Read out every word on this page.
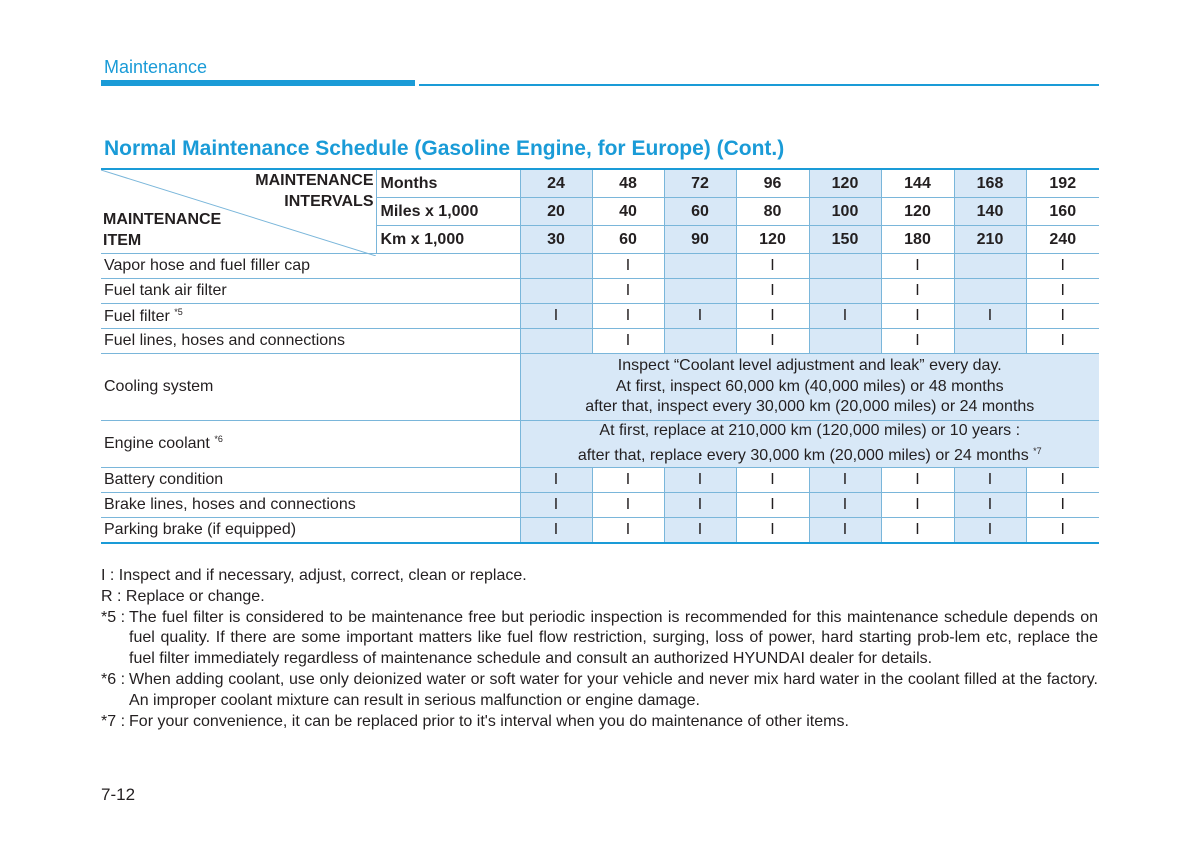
Maintenance
Normal Maintenance Schedule (Gasoline Engine, for Europe) (Cont.)
MAINTENANCE
INTERVALS
MAINTENANCE
ITEM	Months	24	48	72	96	120	144	168	192
	Miles x 1,000	20	40	60	80	100	120	140	160
	Km x 1,000	30	60	90	120	150	180	210	240
Vapor hose and fuel filler cap			I		I		I		I
Fuel tank air filter			I		I		I		I
Fuel filter $^{*5}$		I	I	I	I	I	I	I	I
Fuel lines, hoses and connections			I		I		I		I
Cooling system		Inspect “Coolant level adjustment and leak” every day.
At first, inspect 60,000 km (40,000 miles) or 48 months
after that, inspect every 30,000 km (20,000 miles) or 24 months							

Engine coolant $^{*6}$		At first, replace at 210,000 km (120,000 miles) or 10 years :
after that, replace every 30,000 km (20,000 miles) or 24 months $^{*7}$

Battery condition		I	I	I	I	I	I	I	I
Brake lines, hoses and connections		I	I	I	I	I	I	I	I
Parking brake (if equipped)		I	I	I	I	I	I	I	I
I : Inspect and if necessary, adjust, correct, clean or replace.
R : Replace or change.
*5 : The fuel filter is considered to be maintenance free but periodic inspection is recommended for this maintenance schedule depends on fuel quality. If there are some important matters like fuel flow restriction, surging, loss of power, hard starting prob-lem etc, replace the fuel filter immediately regardless of maintenance schedule and consult an authorized HYUNDAI dealer for details.
*6 : When adding coolant, use only deionized water or soft water for your vehicle and never mix hard water in the coolant filled at the factory. An improper coolant mixture can result in serious malfunction or engine damage.
*7 : For your convenience, it can be replaced prior to it's interval when you do maintenance of other items.
7-12
